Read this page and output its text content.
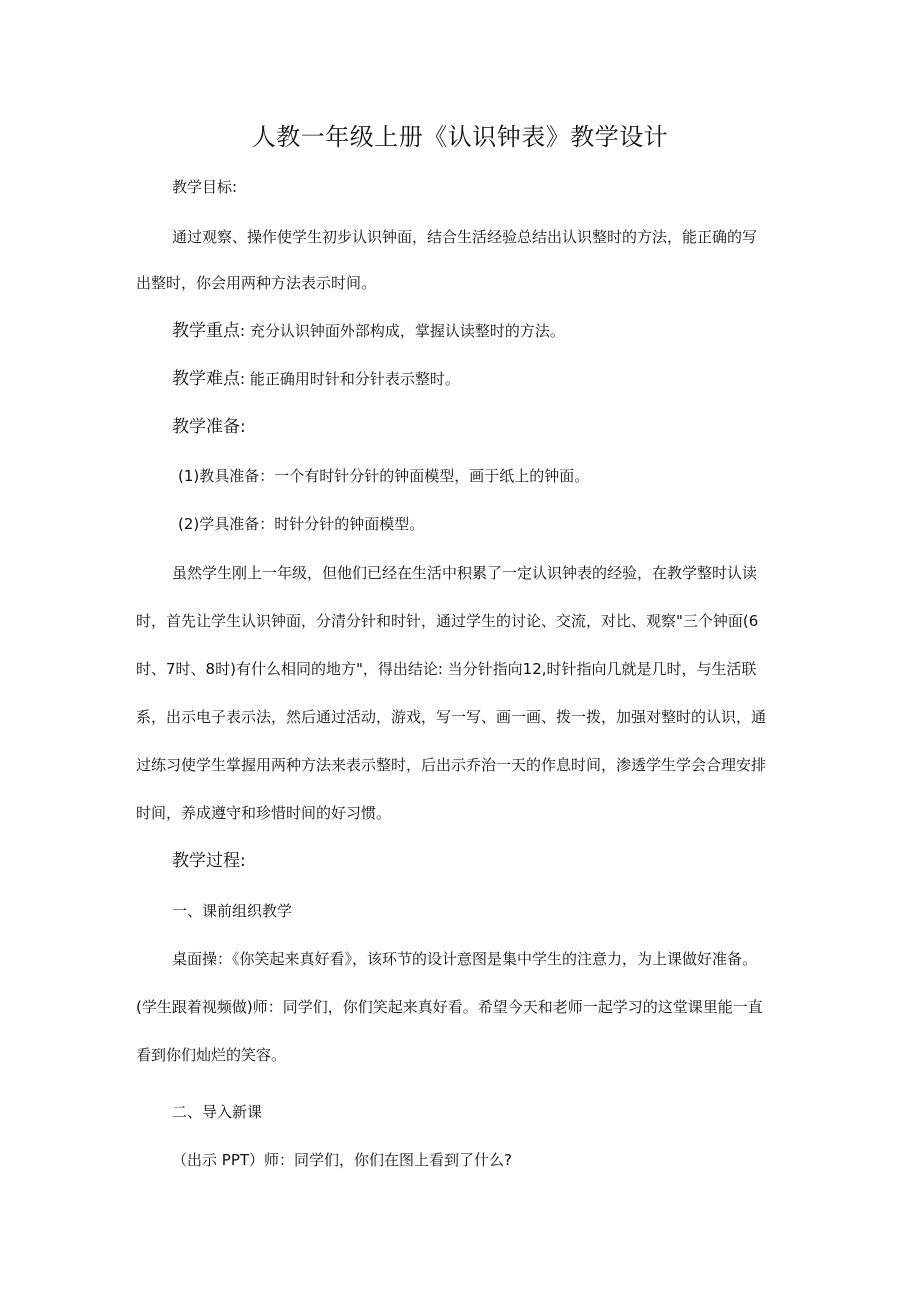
人教一年级上册《认识钟表》教学设计
教学目标:
通过观察、操作使学生初步认识钟面，结合生活经验总结出认识整时的方法，能正确的写
出整时，你会用两种方法表示时间。
教学重点: 充分认识钟面外部构成，掌握认读整时的方法。
教学难点: 能正确用时针和分针表示整时。
教学准备:
(1)教具准备：一个有时针分针的钟面模型，画于纸上的钟面。
(2)学具准备：时针分针的钟面模型。
虽然学生刚上一年级，但他们已经在生活中积累了一定认识钟表的经验，在教学整时认读
时，首先让学生认识钟面，分清分针和时针，通过学生的讨论、交流，对比、观察"三个钟面(6
时、7时、8时)有什么相同的地方"，得出结论: 当分针指向12,时针指向几就是几时，与生活联
系，出示电子表示法，然后通过活动，游戏，写一写、画一画、拨一拨，加强对整时的认识，通
过练习使学生掌握用两种方法来表示整时，后出示乔治一天的作息时间，渗透学生学会合理安排
时间，养成遵守和珍惜时间的好习惯。
教学过程:
一、课前组织教学
桌面操：《你笑起来真好看》，该环节的设计意图是集中学生的注意力，为上课做好准备。
(学生跟着视频做)师：同学们，你们笑起来真好看。希望今天和老师一起学习的这堂课里能一直
看到你们灿烂的笑容。
二、导入新课
（出示 PPT）师：同学们，你们在图上看到了什么?
